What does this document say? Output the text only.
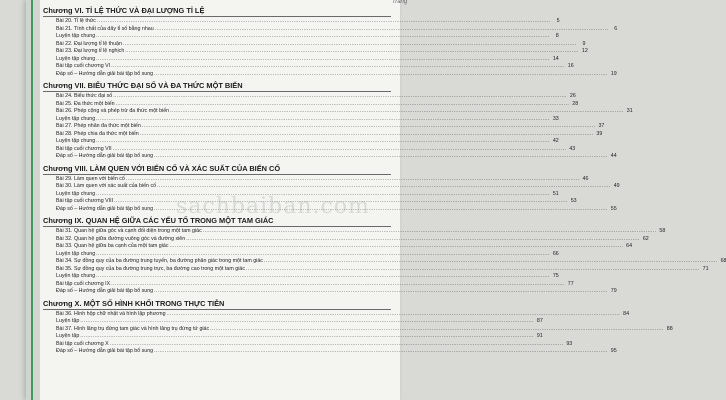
Trang
Chương VI. TỈ LỆ THỨC VÀ ĐẠI LƯỢNG TỈ LỆ
Bài 20. Tỉ lệ thức .....	5
Bài 21. Tính chất của dãy tỉ số bằng nhau .....	6
Luyện tập chung .....	8
Bài 22. Đại lượng tỉ lệ thuận .....	9
Bài 23. Đại lượng tỉ lệ nghịch .....	12
Luyện tập chung .....	14
Bài tập cuối chương VI .....	16
Đáp số – Hướng dẫn giải bài tập bổ sung .....	19
Chương VII. BIỂU THỨC ĐẠI SỐ VÀ ĐA THỨC MỘT BIẾN
Bài 24. Biểu thức đại số .....	26
Bài 25. Đa thức một biến .....	28
Bài 26. Phép cộng và phép trừ đa thức một biến .....	31
Luyện tập chung .....	33
Bài 27. Phép nhân đa thức một biến .....	37
Bài 28. Phép chia đa thức một biến .....	39
Luyện tập chung .....	42
Bài tập cuối chương VII .....	43
Đáp số – Hướng dẫn giải bài tập bổ sung .....	44
Chương VIII. LÀM QUEN VỚI BIẾN CỐ VÀ XÁC SUẤT CỦA BIẾN CỐ
Bài 29. Làm quen với biến cố .....	46
Bài 30. Làm quen với xác suất của biến cố .....	49
Luyện tập chung .....	51
Bài tập cuối chương VIII .....	53
Đáp số – Hướng dẫn giải bài tập bổ sung .....	55
Chương IX. QUAN HỆ GIỮA CÁC YẾU TỐ TRONG MỘT TAM GIÁC
Bài 31. Quan hệ giữa góc và cạnh đối diện trong một tam giác .....	58
Bài 32. Quan hệ giữa đường vuông góc và đường xiên .....	62
Bài 33. Quan hệ giữa ba cạnh của một tam giác .....	64
Luyện tập chung .....	66
Bài 34. Sự đồng quy của ba đường trung tuyến, ba đường phân giác trong một tam giác .....	68
Bài 35. Sự đồng quy của ba đường trung trực, ba đường cao trong một tam giác .....	71
Luyện tập chung .....	75
Bài tập cuối chương IX .....	77
Đáp số – Hướng dẫn giải bài tập bổ sung .....	79
Chương X. MỘT SỐ HÌNH KHỐI TRONG THỰC TIỄN
Bài 36. Hình hộp chữ nhật và hình lập phương .....	84
Luyện tập .....	87
Bài 37. Hình lăng trụ đứng tam giác và hình lăng trụ đứng tứ giác .....	88
Luyện tập .....	91
Bài tập cuối chương X .....	93
Đáp số – Hướng dẫn giải bài tập bổ sung .....	95
sachbaiban.com
